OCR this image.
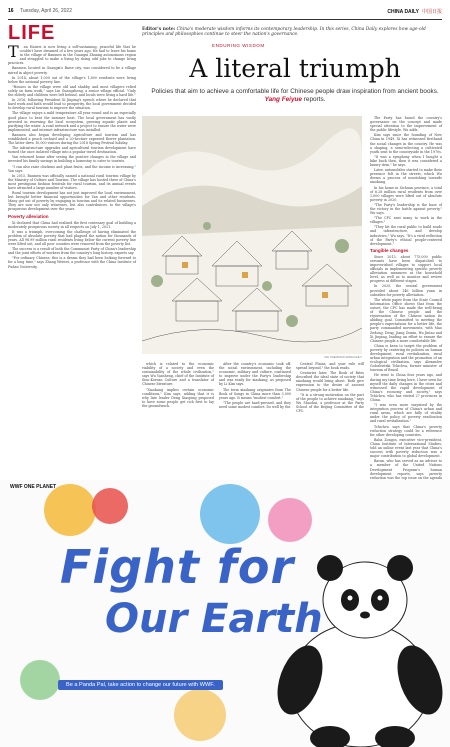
16 Tuesday, April 26, 2022	CHINA DAILY 中国日报
LIFE	Editor's note: China's moderate wisdom informs its contemporary leadership. In this series, China Daily explores how age-old principles and philosophies continue to steer the nation's governance.
ENDURING WISDOM
A literal triumph
Policies that aim to achieve a comfortable life for Chinese people draw inspiration from ancient books. Yang Feiyue reports.
T	an Haiwei is now living a self-sustaining, peaceful life that he couldn't have dreamed of a few years ago. He had to leave his home in the village of Banmen in the Guangxi Zhuang autonomous region and struggled to make a living by doing odd jobs to change living practices.

Banmen, located in Guangxi's Baise city, was considered to be a village mired in abject poverty.

In 2014, about 1,000 out of the village's 1,800 residents were living below the national poverty line.

"Houses in the village were old and shabby, and most villagers relied solely on farm work," says Lin Guangzheng, a senior village official. "Only the elderly and children were left behind, and locals were living a hard life."

In 2016, following President Xi Jinping's speech where he declared that hard work and faith would lead to prosperity, the local government decided to develop rural tourism to improve the situation.

The village enjoys a mild temperature all year round and is an especially good place to beat the summer heat. The local government has vastly invested in renewing the local ecosystem, growing aquatic plants and purifying the water. A road network and a project to ensure the water were implemented, and internet infrastructure was installed.

Banmen also began developing agriculture and tourism and has established a peach orchard and a 20-hectare rapeseed flower plantation. The latter drew 10,000 visitors during the 2018 Spring Festival holiday.

The infrastructure upgrades and agricultural tourism development have turned the once isolated village into a popular travel destination.

Yan returned home after seeing the positive changes in the village and invested his family savings in building a homestay to cater to tourists.

"I can also raise chickens and plant fruits, and the income is increasing," Yan says.

In 2015, Banmen was officially named a national rural tourism village by the Ministry of Culture and Tourism. The village has hosted three of China's most prestigious fashion festivals for rural tourism, and its annual events have attracted a large number of visitors.

Rural tourism development has not just improved the local environment, but brought better financial opportunities for Yan and other residents. Many got out of poverty by engaging in tourism and its related businesses. They are now not only witnesses, but also contributors, to the village's prosperous development over the years.

Poverty alleviation

Xi declared that China had realized the first centenary goal of building a moderately prosperous society in all respects on July 1, 2021.

It was a triumph, overcoming the challenge of having eliminated the problem of absolute poverty that had plagued the nation for thousands of years. All 98.99 million rural residents living below the current poverty line were lifted out, and all poor counties were removed from the poverty list.

The success is a result of both the Communist Party of China's leadership and the joint efforts of workers from the country's long history, experts say.

"For ordinary Chinese, this is a dream they had been looking forward to for a long time," says Zhang Weiwei, a professor with the China Institute of Fudan University.

MA XUEJING/CHINA DAILY

which is related to the economic viability of a society and even the sustainability of the whole civilization," says Wu Yansheng, chief of the Institute of Sino-Korean Culture and a translator of Chinese literature.

"Xiaokang implies certain economic conditions," Kim says, adding that it is why late leader Deng Xiaoping proposed to have some people get rich first to lay the groundwork.

After the country's economic took off, the social environment, including the economic, military and culture, continued to improve under the Party's leadership and was ready for xiaokang, as proposed by Li Kim says.

The term xiaokang originates from The Book of Songs in China more than 3,000 years ago. It means "modest comfort."

"The people are hard-pressed, and they need some modest comfort. Do well by the

Central Plains, and your rule will spread beyond," the book reads.

Centuries later, The Book of Rites described the ideal state of society that xiaokang would bring about. Both give expression to the desire of ancient Chinese people for a better life.

"It is a strong motivation on the part of the people to achieve xiaokang," says Wu Shaohui, a professor at the Party School of the Beijing Committee of the CPC.

The Party has based the country's governance on the concept and made special attention to the improvement of the public lifestyle, Wu adds.

Kim says since the founding of New China in 1949, Xi has witnessed firsthand the social changes in the country. He was a shaping, a semi-selecting a cultivated youth sent to the countryside in the 1970s.

"It was a symphony when I bought a bike back then, then it was considered a luxury item," he says.

Later, automobiles started to make their presence felt in the streets, which Wu deems a process of nourishing towards xiaokang.

In his home in Sichuan province, a total of 6.28 million rural residents from over 1,000 villages were lifted out of absolute poverty in 2020.

"The Party's leadership is the base of the victory in the battle against poverty," Wu says.

"The CPC sent many to work in the villages."

"They hit the rural public to build roads and infrastructure, and develop industries," Wu says. "It's a vivid reflection of the Party's ethical people-centered development."

Tangible changes

Since 2013, about 775,000 public servants have been dispatched to impoverished villages to support local officials in implementing specific poverty alleviation measures at the household level, as well as to monitor and review progress at different stages.

In 2020, the central government provided about 146 billion yuan in subsidies for poverty alleviation.

The white paper from the State Council Information Office shows that from the outset, the CPC has made the well-being of the Chinese people and the rejuvenation of the Chinese nation its abiding goal. Committed to meeting the people's expectations for a better life, the party commanded movements, with Mao Zedong, Deng, Jiang Zemin, Hu Jintao and Xi Jinping, leading an effort to ensure the Chinese people a more comfortable life.

China is keen to target the problem of poverty by centering its policies on human development, rural revitalization, rural urban integration and the promotion of an ecological civilization, says Alexandre Goloshvitski Tchichva, former minister of tourism of Brazil.

He went to China four years ago, and during my time living here, I have seen for myself the daily changes in the cities and witnessed the rapid development of China's economy and society," says Tchichva, who has visited 27 provinces in China.

"I was even more surprised by the integration process of China's urban and rural areas, which are fully of vitality under the policy of poverty eradication and rural revitalization."

Tchichva says that China's poverty reduction strategy could be a reference for other developing countries.

Baba Zongos, executive vice-president, China Institute of International Studies, told an online event last year that China's success with poverty reduction was a major contribution to global development.

Baran, who has served as an adviser to a member of the United Nations Development Program's human development reports, says poverty reduction was the top issue on the agenda

WWF ONE PLANET
Fight for
Our Earth
Be a Panda Pal, take action to change our future with WWF.
